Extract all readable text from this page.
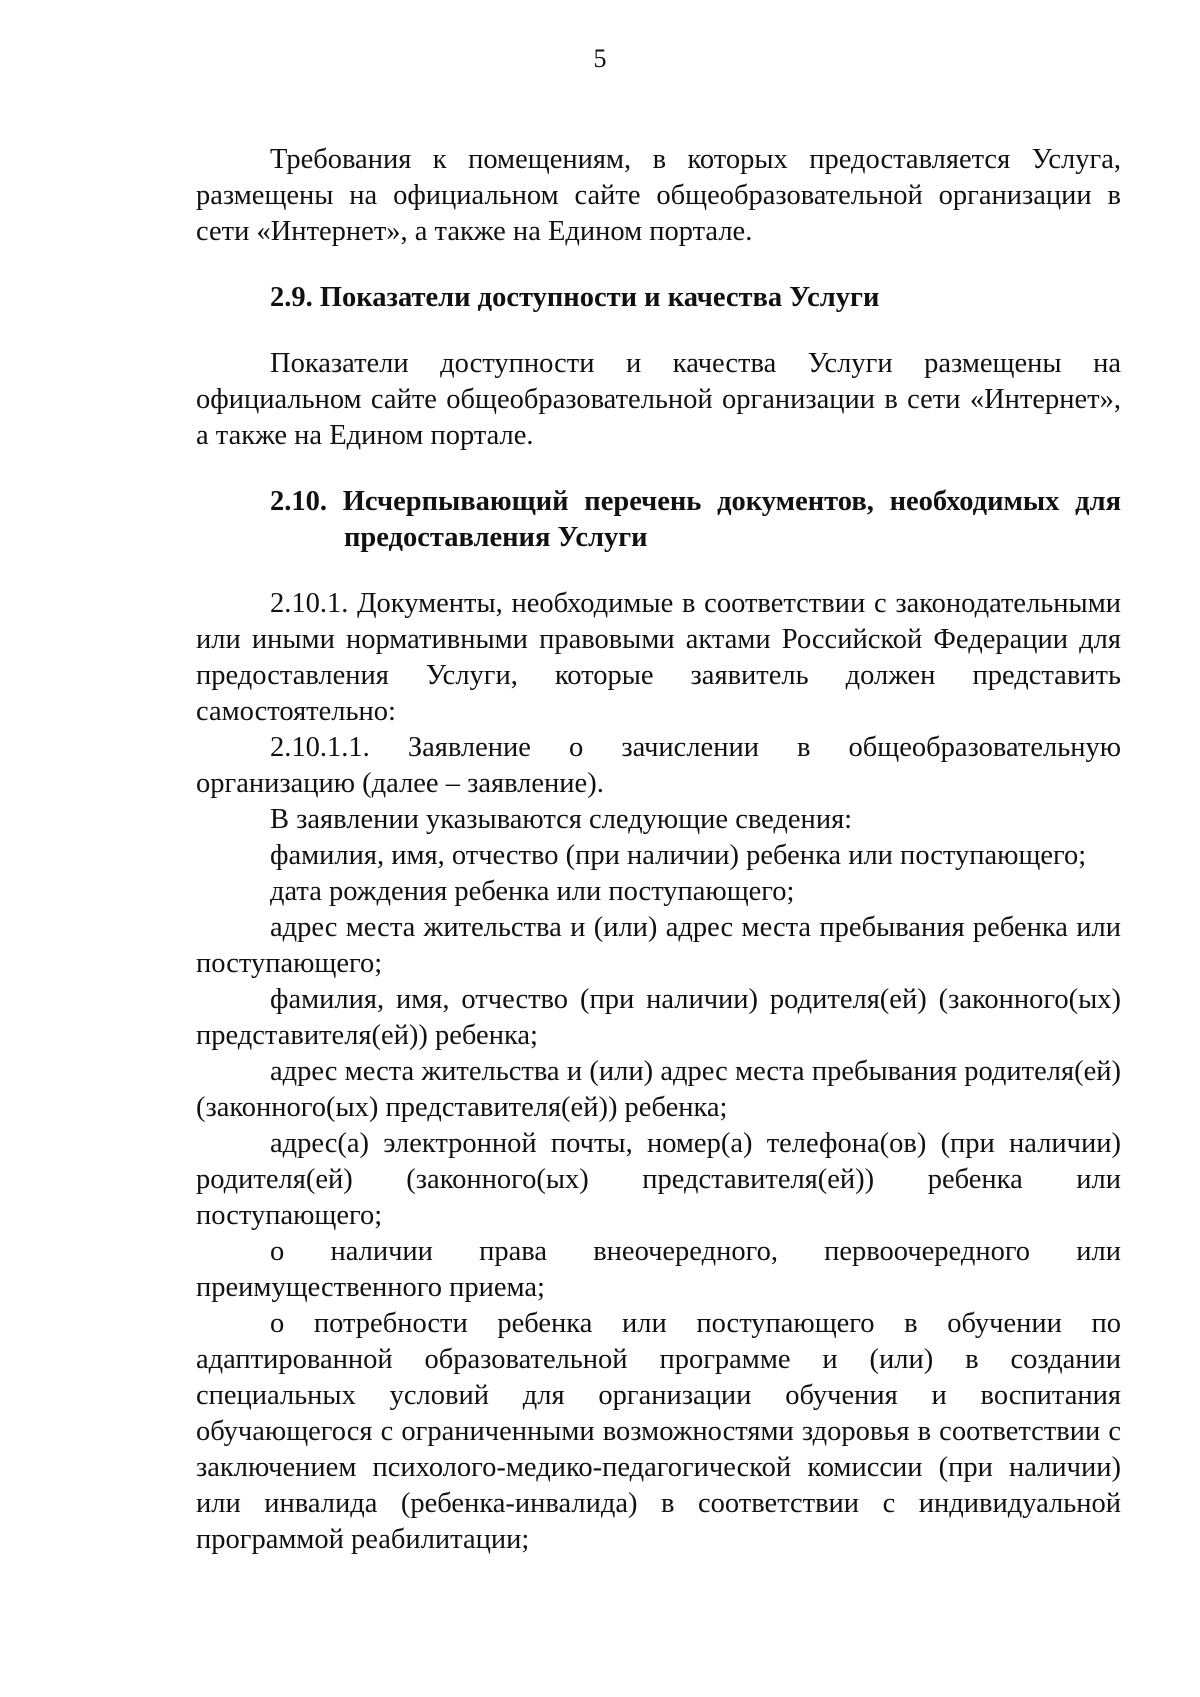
5

Требования к помещениям, в которых предоставляется Услуга, размещены на официальном сайте общеобразовательной организации в сети «Интернет», а также на Едином портале.

2.9. Показатели доступности и качества Услуги

Показатели доступности и качества Услуги размещены на официальном сайте общеобразовательной организации в сети «Интернет», а также на Едином портале.

2.10. Исчерпывающий перечень документов, необходимых для предоставления Услуги

2.10.1. Документы, необходимые в соответствии с законодательными или иными нормативными правовыми актами Российской Федерации для предоставления Услуги, которые заявитель должен представить самостоятельно:

2.10.1.1. Заявление о зачислении в общеобразовательную организацию (далее – заявление).

В заявлении указываются следующие сведения:

фамилия, имя, отчество (при наличии) ребенка или поступающего;

дата рождения ребенка или поступающего;

адрес места жительства и (или) адрес места пребывания ребенка или поступающего;

фамилия, имя, отчество (при наличии) родителя(ей) (законного(ых) представителя(ей)) ребенка;

адрес места жительства и (или) адрес места пребывания родителя(ей) (законного(ых) представителя(ей)) ребенка;

адрес(а) электронной почты, номер(а) телефона(ов) (при наличии) родителя(ей) (законного(ых) представителя(ей)) ребенка или поступающего;

о наличии права внеочередного, первоочередного или преимущественного приема;

о потребности ребенка или поступающего в обучении по адаптированной образовательной программе и (или) в создании специальных условий для организации обучения и воспитания обучающегося с ограниченными возможностями здоровья в соответствии с заключением психолого-медико-педагогической комиссии (при наличии) или инвалида (ребенка-инвалида) в соответствии с индивидуальной программой реабилитации;
